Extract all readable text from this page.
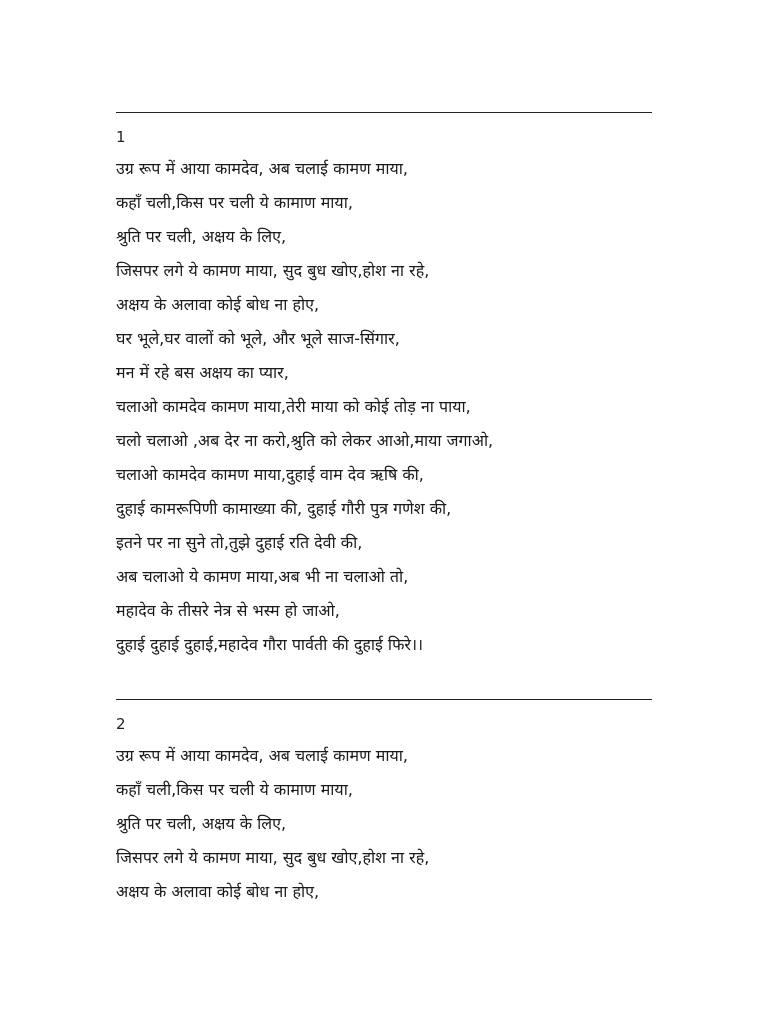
1
उग्र रूप में आया कामदेव, अब चलाई कामण माया,
कहाँ चली,किस पर चली ये कामाण माया,
श्रुति पर चली, अक्षय के लिए,
जिसपर लगे ये कामण माया, सुद बुध खोए,होश ना रहे,
अक्षय के अलावा कोई बोध ना होए,
घर भूले,घर वालों को भूले, और भूले साज-सिंगार,
मन में रहे बस अक्षय का प्यार,
चलाओ कामदेव कामण माया,तेरी माया को कोई तोड़ ना पाया,
चलो चलाओ ,अब देर ना करो,श्रुति को लेकर आओ,माया जगाओ,
चलाओ कामदेव कामण माया,दुहाई वाम देव ऋषि की,
दुहाई कामरूपिणी कामाख्या की, दुहाई गौरी पुत्र गणेश की,
इतने पर ना सुने तो,तुझे दुहाई रति देवी की,
अब चलाओ ये कामण माया,अब भी ना चलाओ तो,
महादेव के तीसरे नेत्र से भस्म हो जाओ,
दुहाई दुहाई दुहाई,महादेव गौरा पार्वती की दुहाई फिरे।।
2
उग्र रूप में आया कामदेव, अब चलाई कामण माया,
कहाँ चली,किस पर चली ये कामाण माया,
श्रुति पर चली, अक्षय के लिए,
जिसपर लगे ये कामण माया, सुद बुध खोए,होश ना रहे,
अक्षय के अलावा कोई बोध ना होए,
